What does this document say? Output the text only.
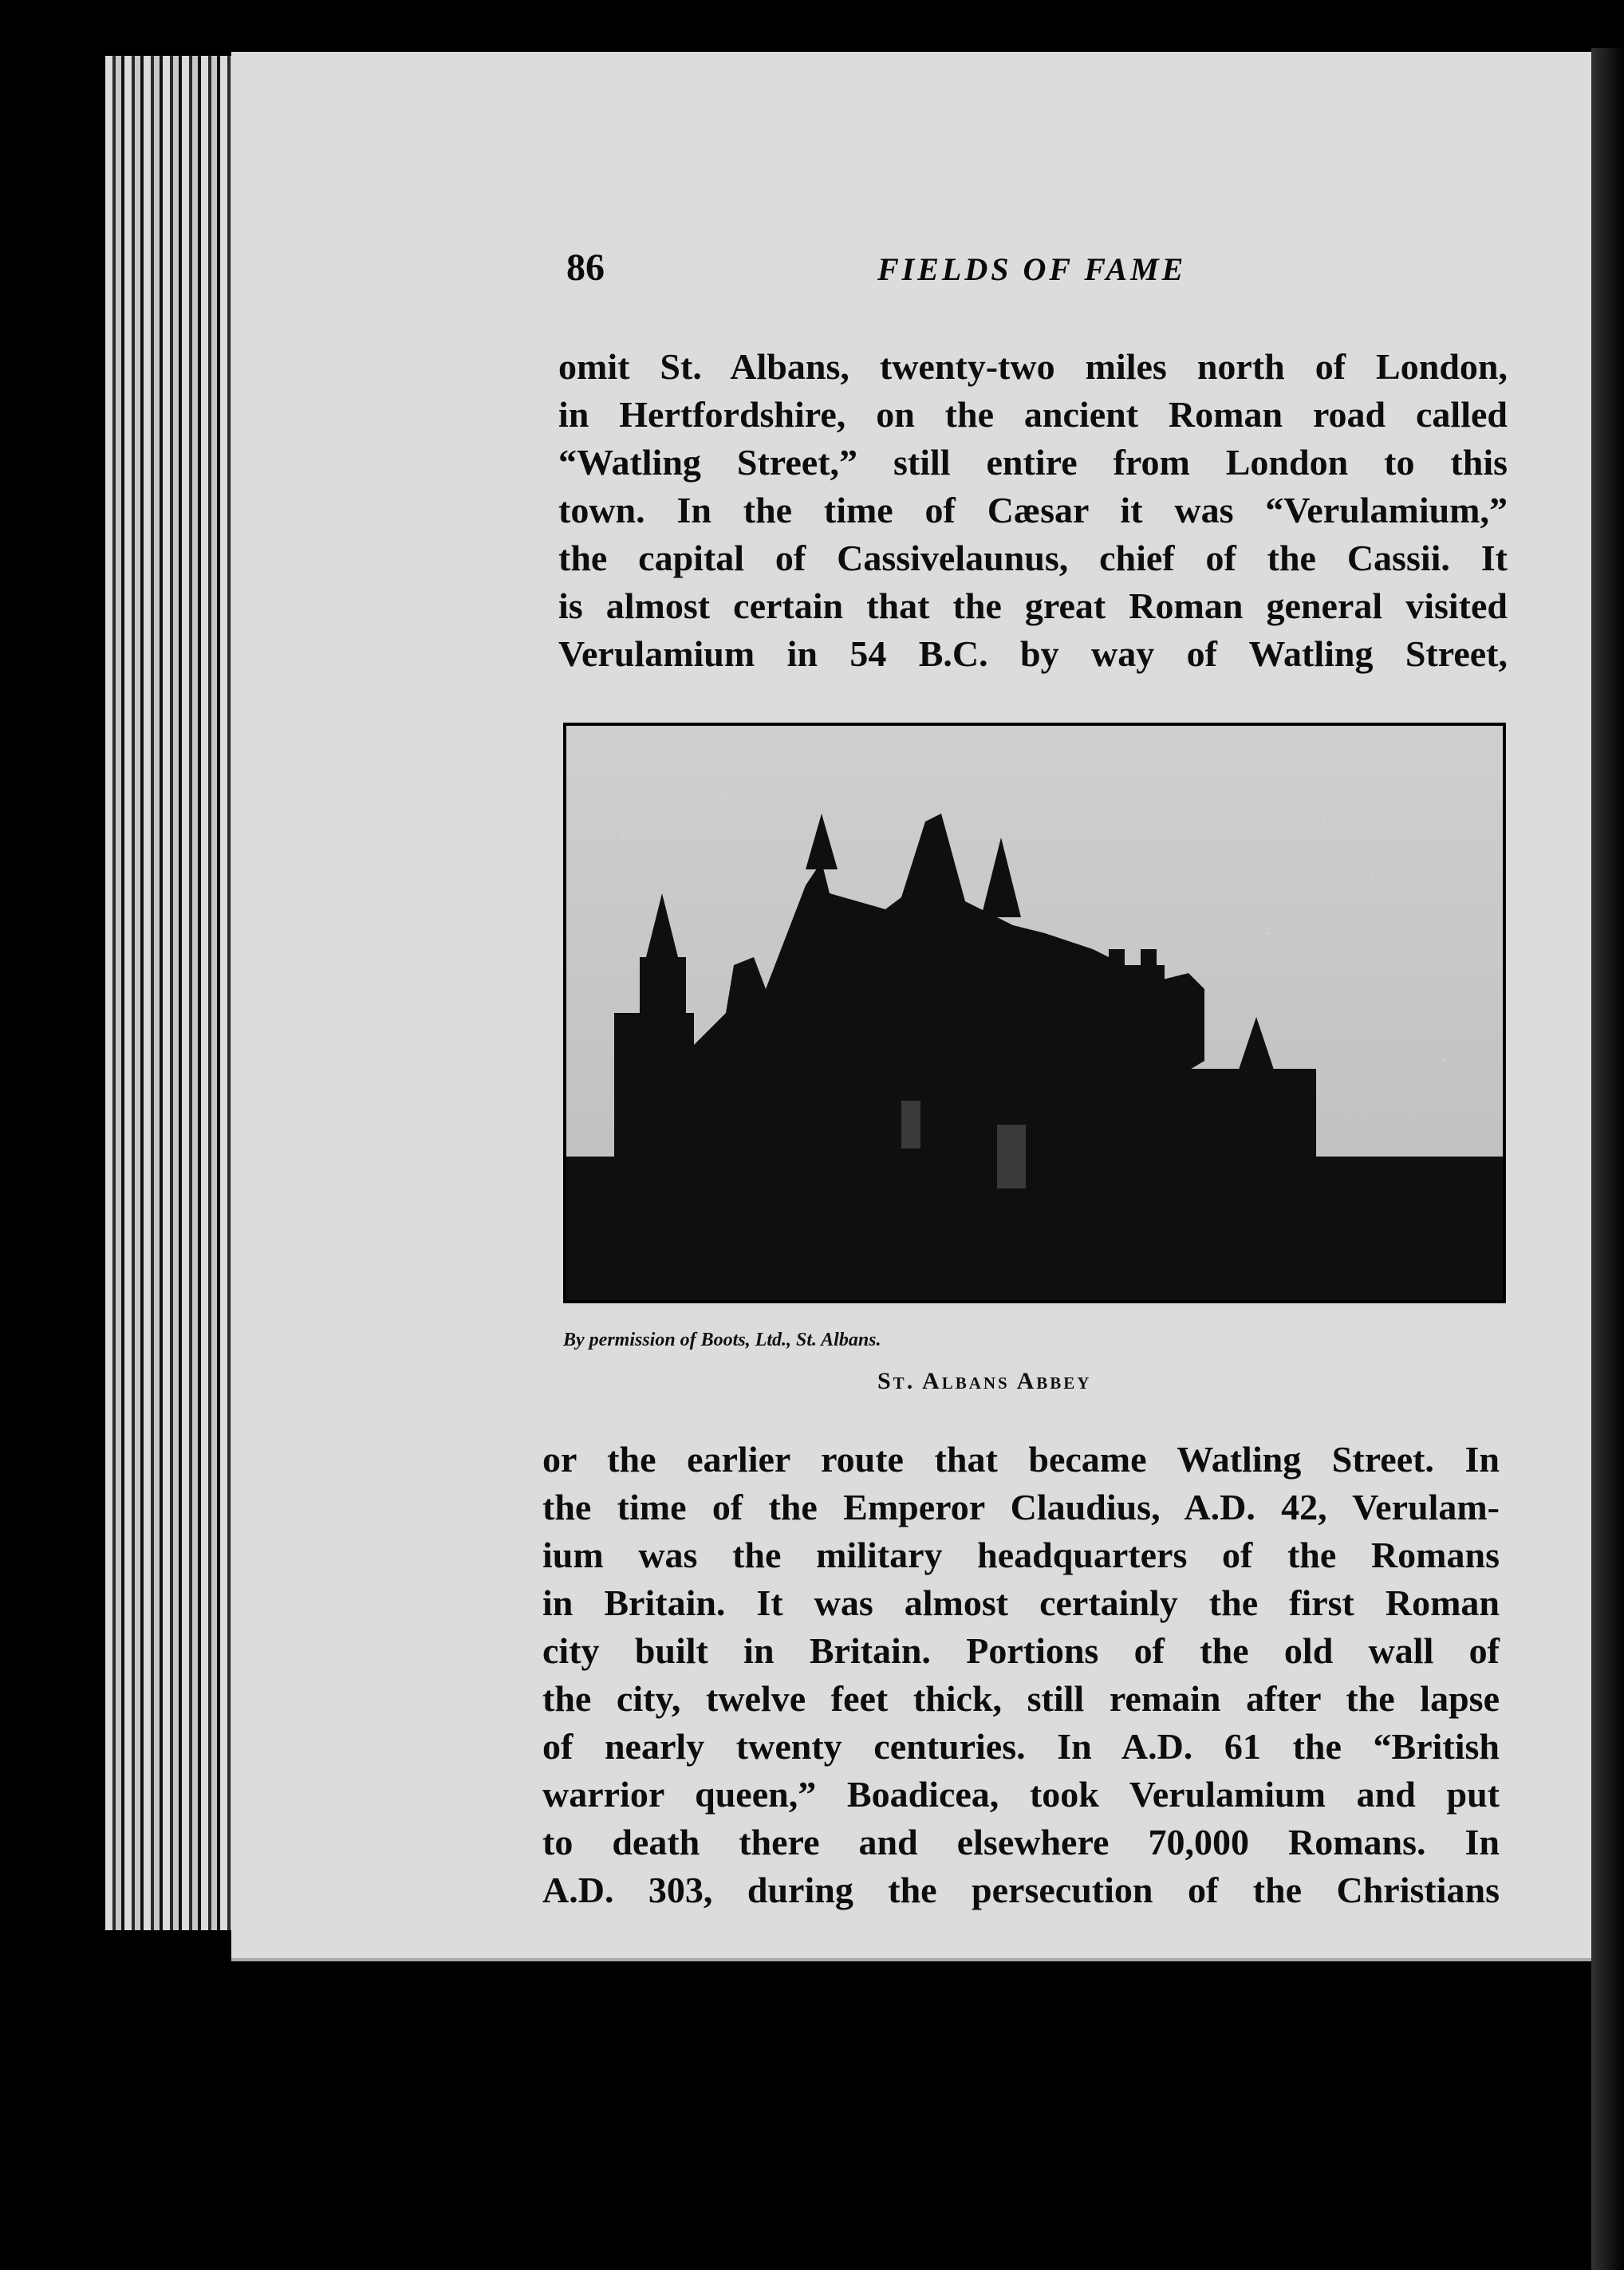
86	FIELDS OF FAME
omit St. Albans, twenty-two miles north of London,
in Hertfordshire, on the ancient Roman road called
“Watling Street,” still entire from London to this
town. In the time of Cæsar it was “Verulamium,”
the capital of Cassivelaunus, chief of the Cassii. It
is almost certain that the great Roman general visited
Verulamium in 54 B.C. by way of Watling Street,
By permission of Boots, Ltd., St. Albans.
St. Albans Abbey
or the earlier route that became Watling Street. In
the time of the Emperor Claudius, A.D. 42, Verulam-
ium was the military headquarters of the Romans
in Britain. It was almost certainly the first Roman
city built in Britain. Portions of the old wall of
the city, twelve feet thick, still remain after the lapse
of nearly twenty centuries. In A.D. 61 the “British
warrior queen,” Boadicea, took Verulamium and put
to death there and elsewhere 70,000 Romans. In
A.D. 303, during the persecution of the Christians
